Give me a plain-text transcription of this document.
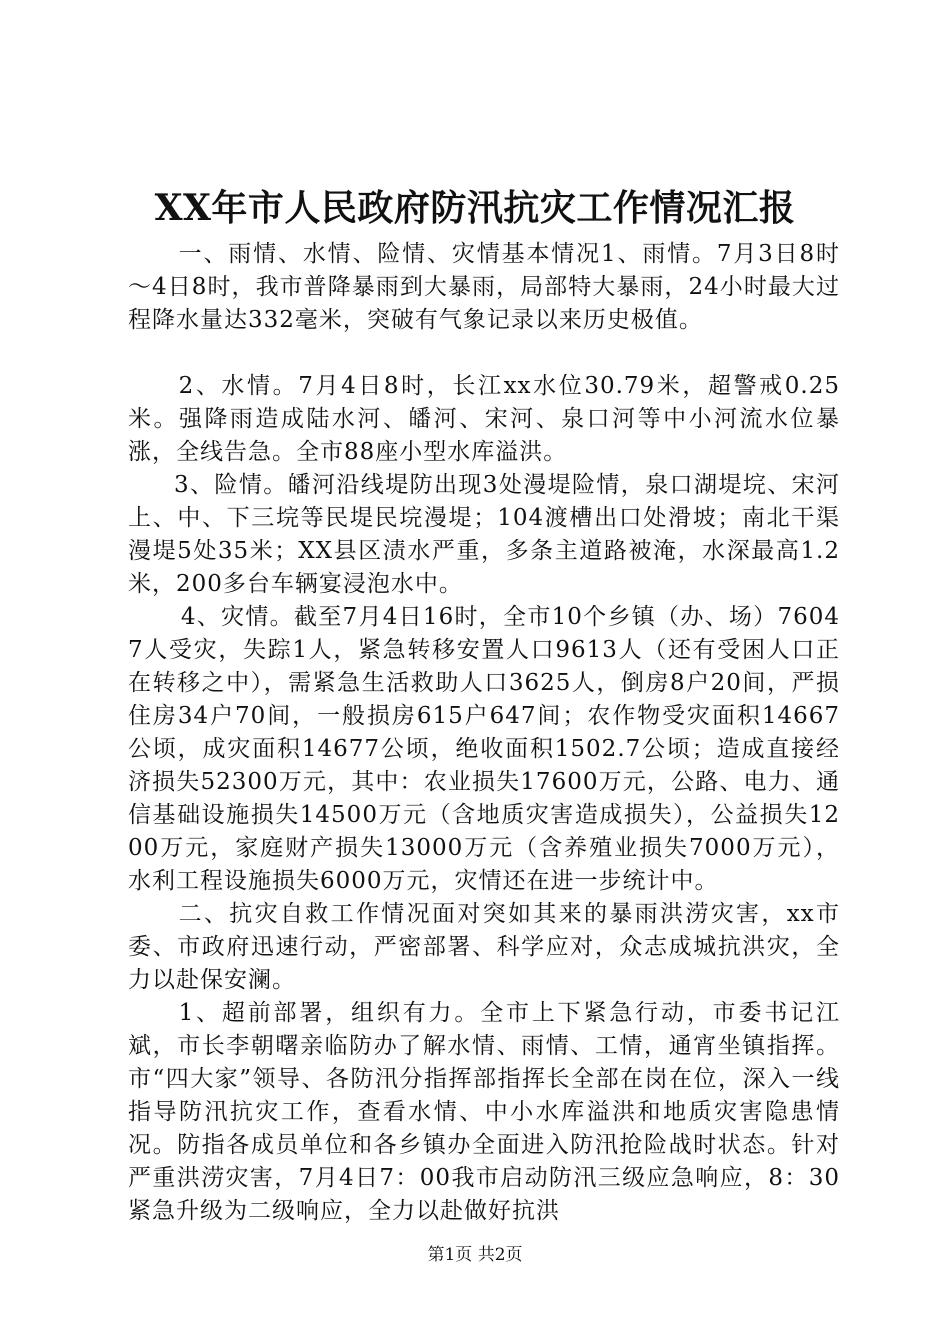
XX年市人民政府防汛抗灾工作情况汇报

一、雨情、水情、险情、灾情基本情况1、雨情。7月3日8时～4日8时，我市普降暴雨到大暴雨，局部特大暴雨，24小时最大过程降水量达332毫米，突破有气象记录以来历史极值。

2、水情。7月4日8时，长江xx水位30.79米，超警戒0.25米。强降雨造成陆水河、皤河、宋河、泉口河等中小河流水位暴涨，全线告急。全市88座小型水库溢洪。

3、险情。皤河沿线堤防出现3处漫堤险情，泉口湖堤垸、宋河上、中、下三垸等民堤民垸漫堤；104渡槽出口处滑坡；南北干渠漫堤5处35米；XX县区渍水严重，多条主道路被淹，水深最高1.2米，200多台车辆宴浸泡水中。

4、灾情。截至7月4日16时，全市10个乡镇（办、场）76047人受灾，失踪1人，紧急转移安置人口9613人（还有受困人口正在转移之中），需紧急生活救助人口3625人，倒房8户20间，严损住房34户70间，一般损房615户647间；农作物受灾面积14667公顷，成灾面积14677公顷，绝收面积1502.7公顷；造成直接经济损失52300万元，其中：农业损失17600万元，公路、电力、通信基础设施损失14500万元（含地质灾害造成损失），公益损失1200万元，家庭财产损失13000万元（含养殖业损失7000万元），水利工程设施损失6000万元，灾情还在进一步统计中。

二、抗灾自救工作情况面对突如其来的暴雨洪涝灾害，xx市委、市政府迅速行动，严密部署、科学应对，众志成城抗洪灾，全力以赴保安澜。

1、超前部署，组织有力。全市上下紧急行动，市委书记江斌，市长李朝曙亲临防办了解水情、雨情、工情，通宵坐镇指挥。市“四大家”领导、各防汛分指挥部指挥长全部在岗在位，深入一线指导防汛抗灾工作，查看水情、中小水库溢洪和地质灾害隐患情况。防指各成员单位和各乡镇办全面进入防汛抢险战时状态。针对严重洪涝灾害，7月4日7：00我市启动防汛三级应急响应，8：30紧急升级为二级响应，全力以赴做好抗洪

第1页 共2页
